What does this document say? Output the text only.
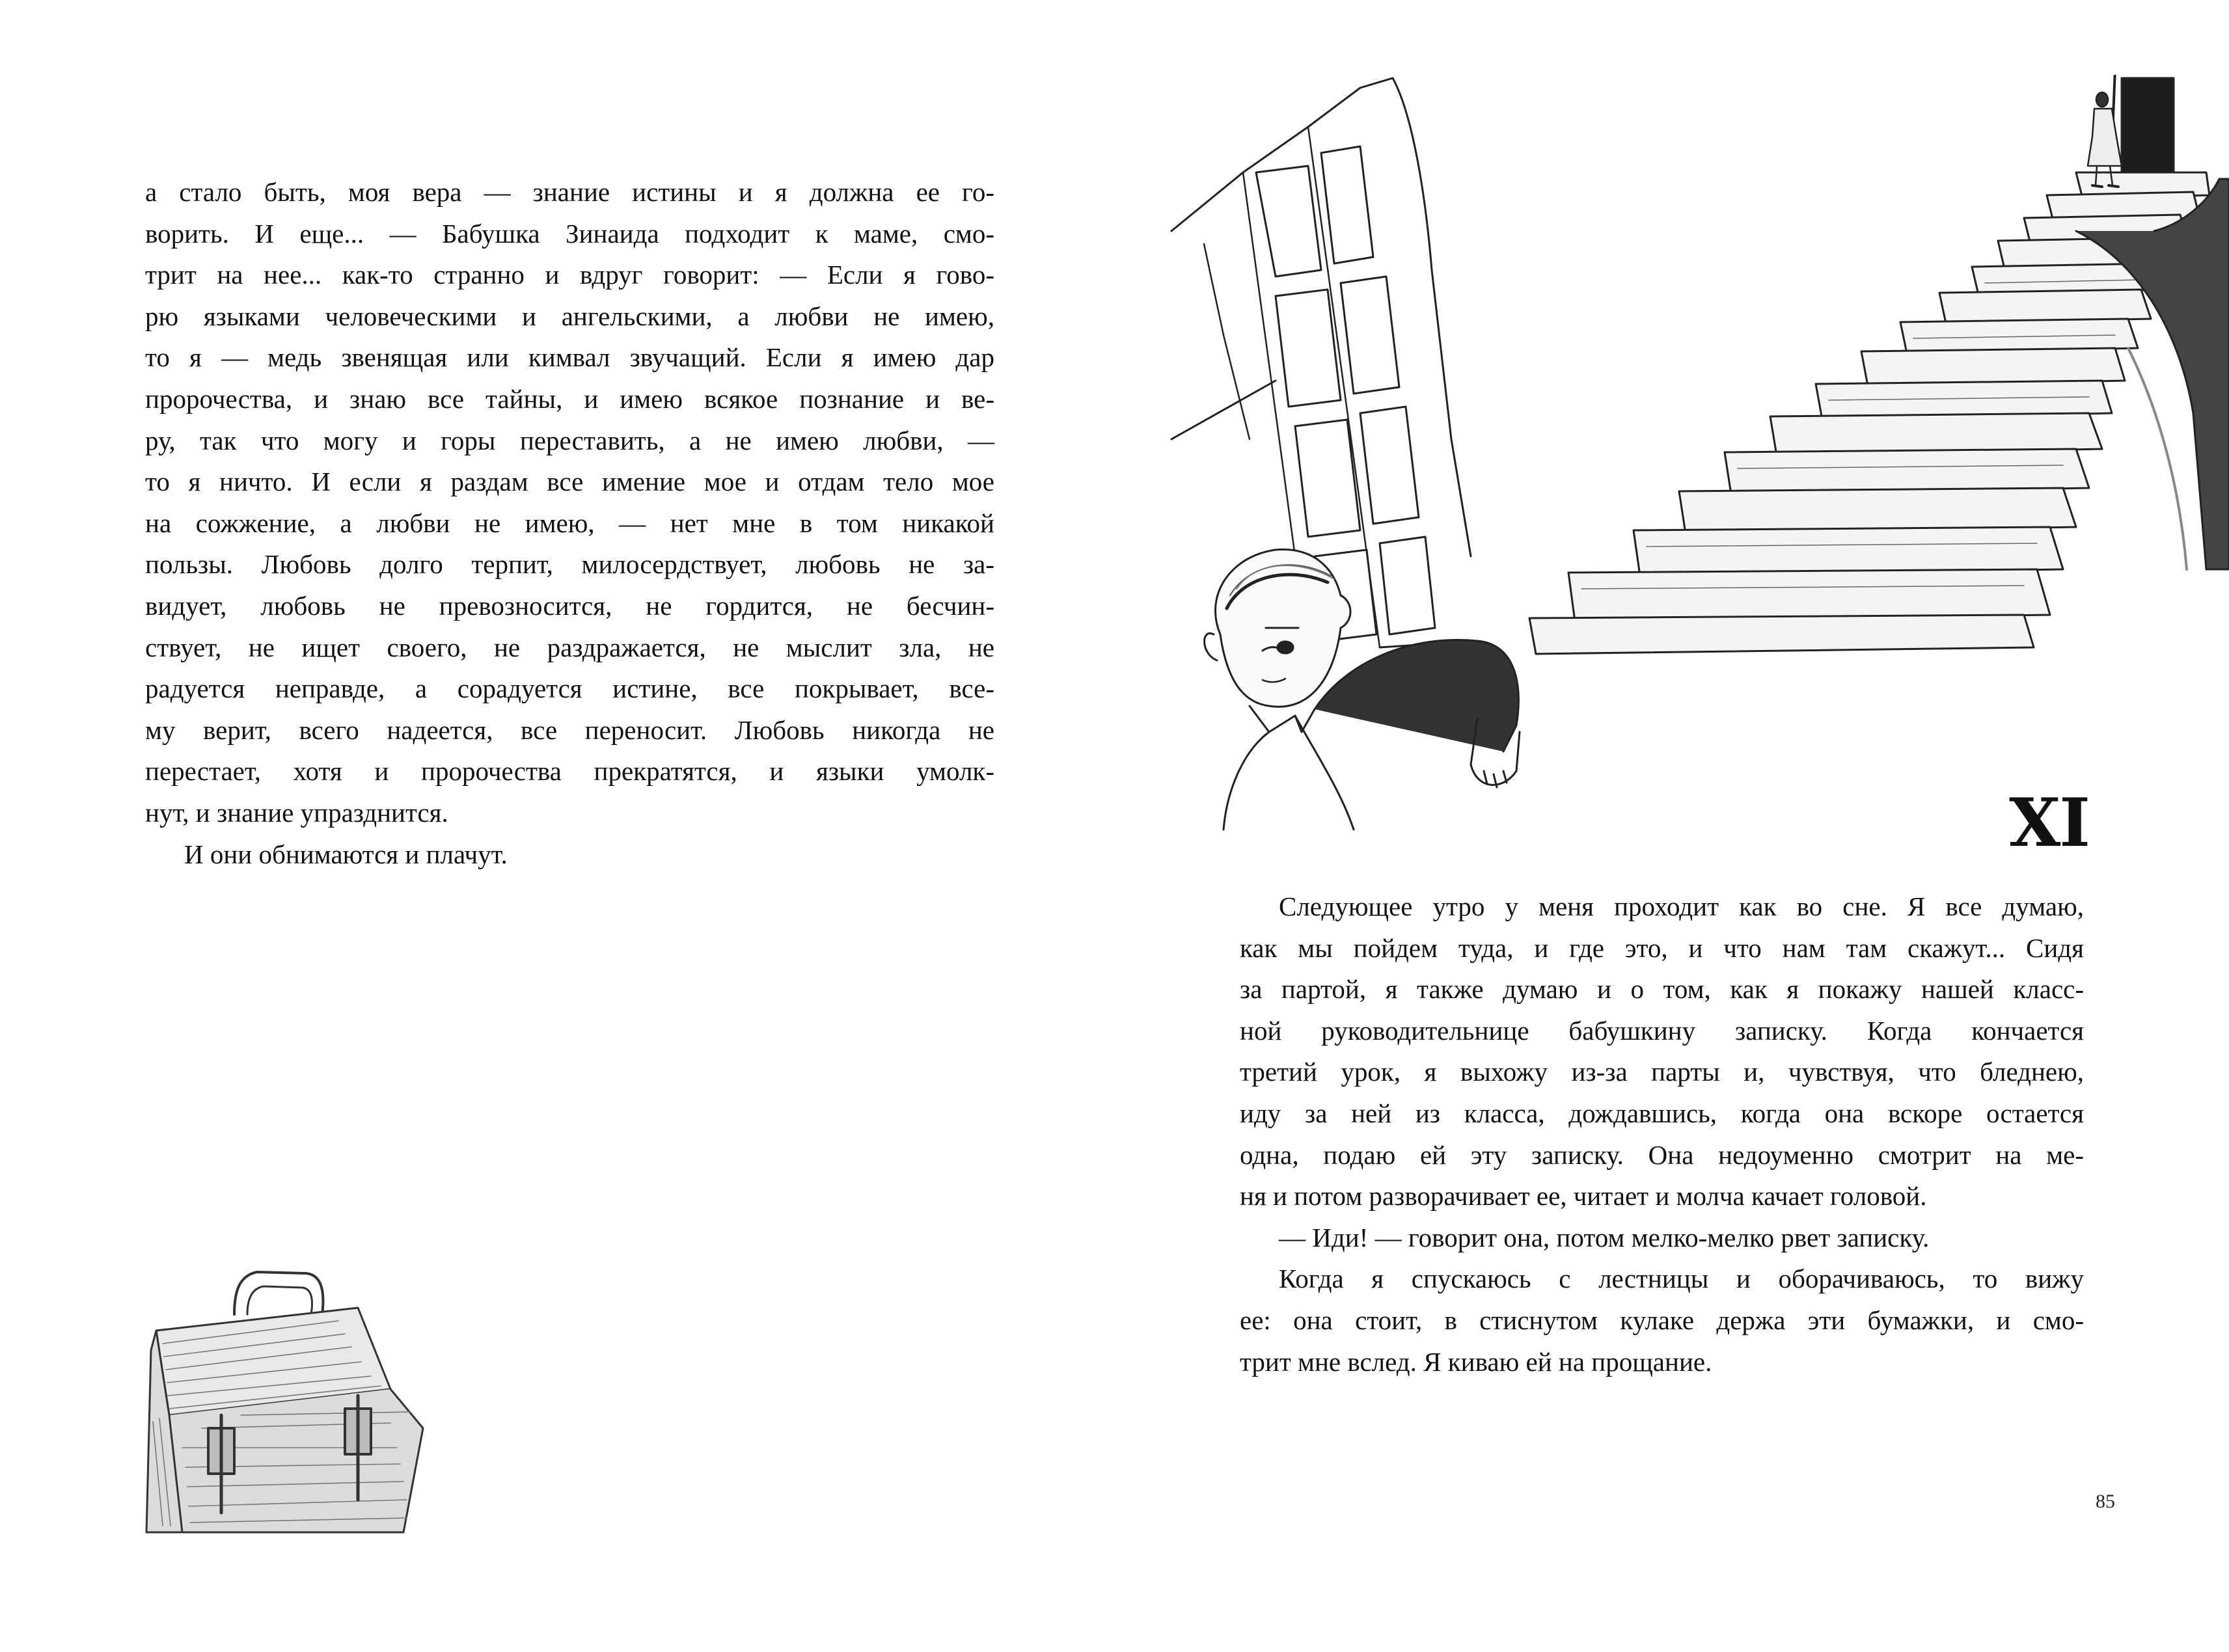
а стало быть, моя вера — знание истины и я должна ее го-
ворить. И еще... — Бабушка Зинаида подходит к маме, смо-
трит на нее... как-то странно и вдруг говорит: — Если я гово-
рю языками человеческими и ангельскими, а любви не имею,
то я — медь звенящая или кимвал звучащий. Если я имею дар
пророчества, и знаю все тайны, и имею всякое познание и ве-
ру, так что могу и горы переставить, а не имею любви, —
то я ничто. И если я раздам все имение мое и отдам тело мое
на сожжение, а любви не имею, — нет мне в том никакой
пользы. Любовь долго терпит, милосердствует, любовь не за-
видует, любовь не превозносится, не гордится, не бесчин-
ствует, не ищет своего, не раздражается, не мыслит зла, не
радуется неправде, а сорадуется истине, все покрывает, все-
му верит, всего надеется, все переносит. Любовь никогда не
перестает, хотя и пророчества прекратятся, и языки умолк-
нут, и знание упразднится.
И они обнимаются и плачут.	XI
Следующее утро у меня проходит как во сне. Я все думаю,
как мы пойдем туда, и где это, и что нам там скажут... Сидя
за партой, я также думаю и о том, как я покажу нашей класс-
ной руководительнице бабушкину записку. Когда кончается
третий урок, я выхожу из-за парты и, чувствуя, что бледнею,
иду за ней из класса, дождавшись, когда она вскоре остается
одна, подаю ей эту записку. Она недоуменно смотрит на ме-
ня и потом разворачивает ее, читает и молча качает головой.
— Иди! — говорит она, потом мелко-мелко рвет записку.
Когда я спускаюсь с лестницы и оборачиваюсь, то вижу
ее: она стоит, в стиснутом кулаке держа эти бумажки, и смо-
трит мне вслед. Я киваю ей на прощание.
85
